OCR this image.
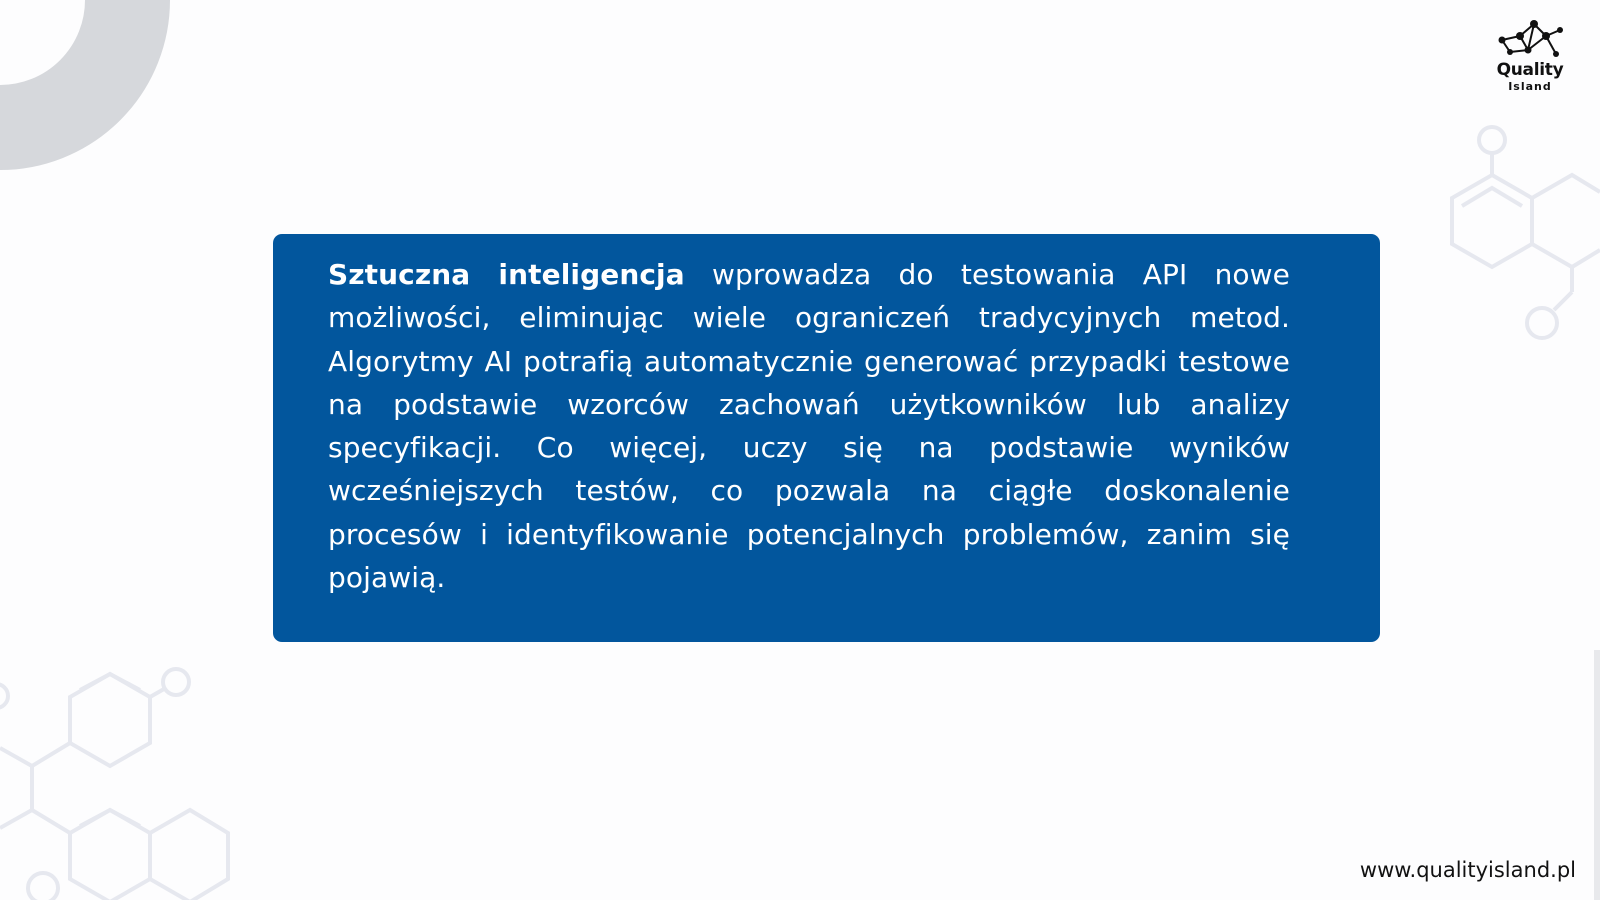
Quality
Island

Sztuczna inteligencja wprowadza do testowania API nowe możliwości, eliminując wiele ograniczeń tradycyjnych metod. Algorytmy AI potrafią automatycznie generować przypadki testowe na podstawie wzorców zachowań użytkowników lub analizy specyfikacji. Co więcej, uczy się na podstawie wyników wcześniejszych testów, co pozwala na ciągłe doskonalenie procesów i identyfikowanie potencjalnych problemów, zanim się pojawią.

www.qualityisland.pl
